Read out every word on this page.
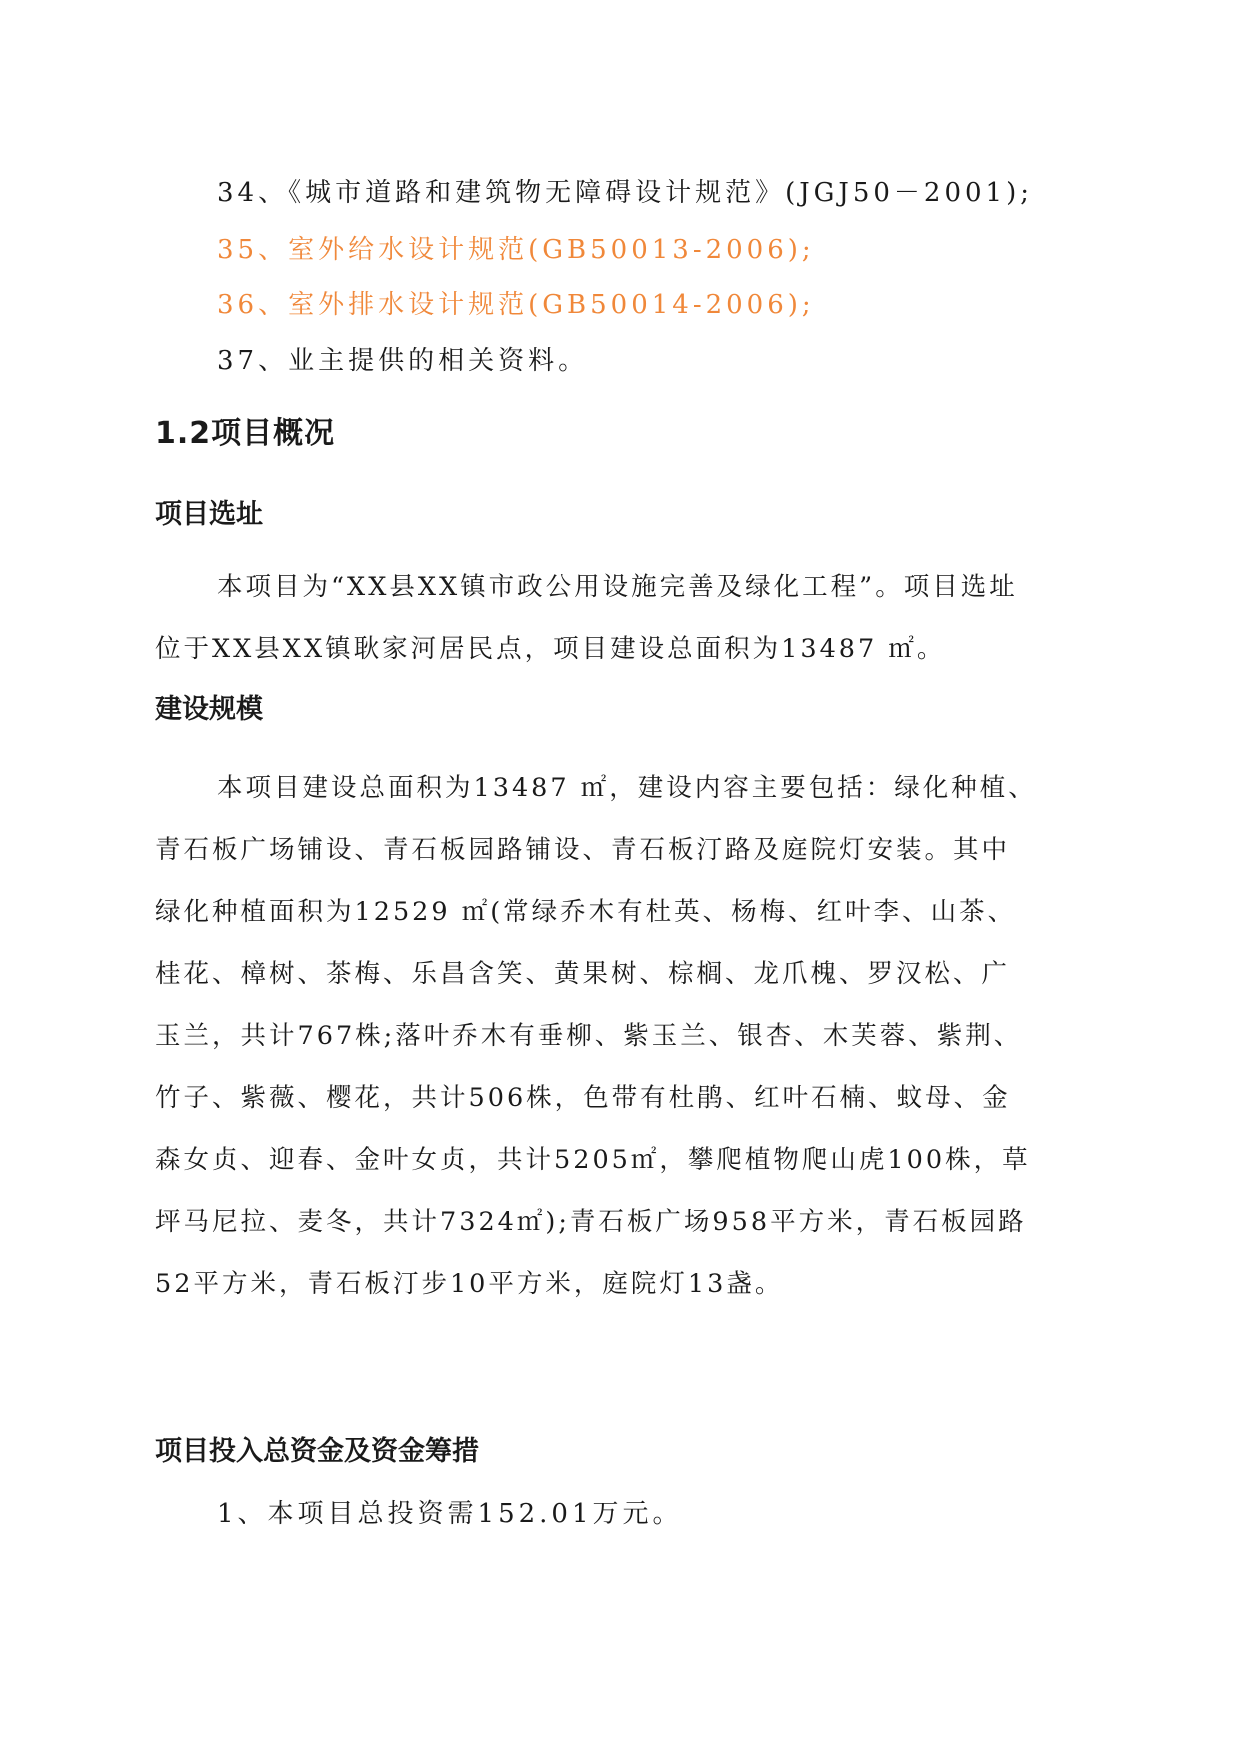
34、《城市道路和建筑物无障碍设计规范》(JGJ50－2001);
35、室外给水设计规范(GB50013-2006);
36、室外排水设计规范(GB50014-2006);
37、业主提供的相关资料。
1.2项目概况
项目选址
本项目为“XX县XX镇市政公用设施完善及绿化工程”。项目选址
位于XX县XX镇耿家河居民点，项目建设总面积为13487 ㎡。
建设规模
本项目建设总面积为13487 ㎡，建设内容主要包括：绿化种植、
青石板广场铺设、青石板园路铺设、青石板汀路及庭院灯安装。其中
绿化种植面积为12529 ㎡(常绿乔木有杜英、杨梅、红叶李、山茶、
桂花、樟树、茶梅、乐昌含笑、黄果树、棕榈、龙爪槐、罗汉松、广
玉兰，共计767株;落叶乔木有垂柳、紫玉兰、银杏、木芙蓉、紫荆、
竹子、紫薇、樱花，共计506株，色带有杜鹃、红叶石楠、蚊母、金
森女贞、迎春、金叶女贞，共计5205㎡，攀爬植物爬山虎100株，草
坪马尼拉、麦冬，共计7324㎡);青石板广场958平方米，青石板园路
52平方米，青石板汀步10平方米，庭院灯13盏。
项目投入总资金及资金筹措
1、本项目总投资需152.01万元。
